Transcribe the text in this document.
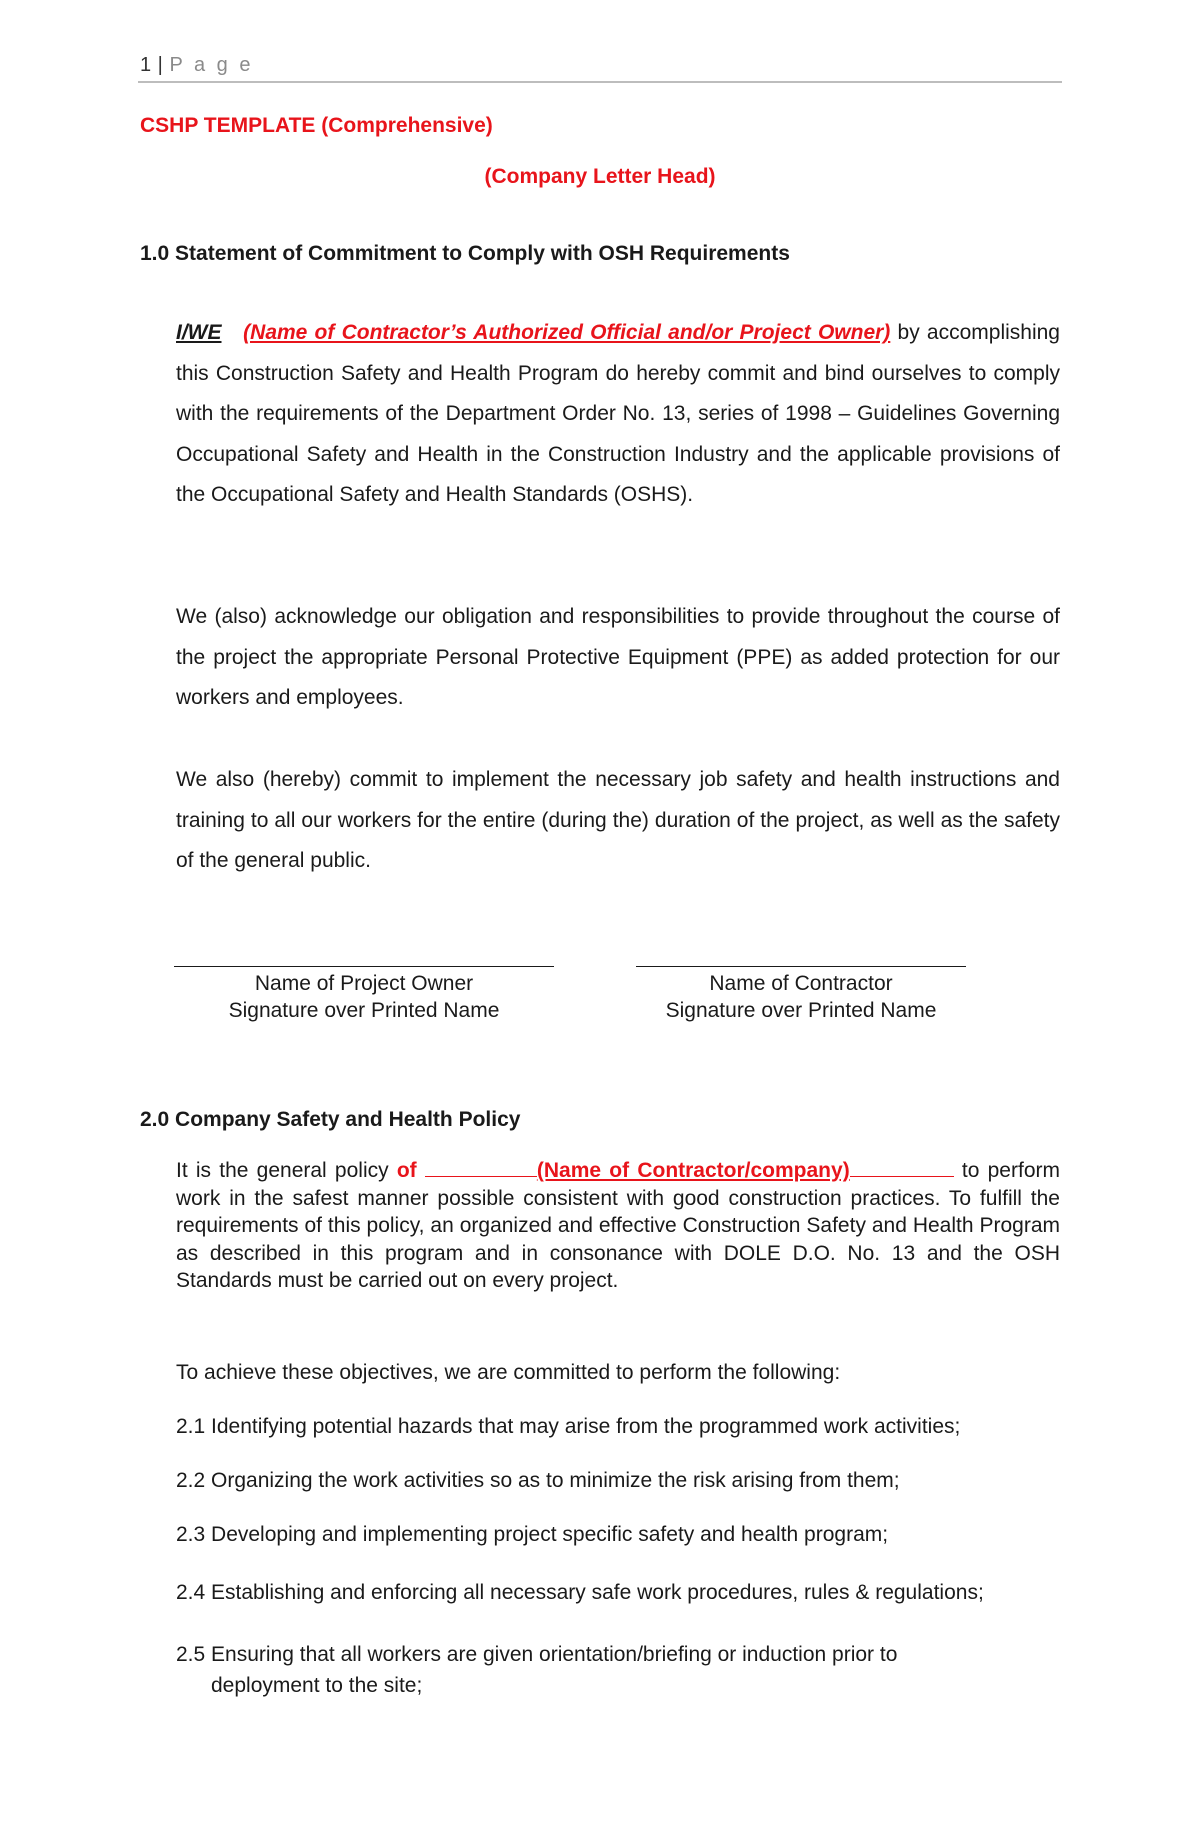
1 | P a g e
CSHP TEMPLATE (Comprehensive)
(Company Letter Head)
1.0 Statement of Commitment to Comply with OSH Requirements

I/WE (Name of Contractor’s Authorized Official and/or Project Owner) by accomplishing this Construction Safety and Health Program do hereby commit and bind ourselves to comply with the requirements of the Department Order No. 13, series of 1998 – Guidelines Governing Occupational Safety and Health in the Construction Industry and the applicable provisions of the Occupational Safety and Health Standards (OSHS).

We (also) acknowledge our obligation and responsibilities to provide throughout the course of the project the appropriate Personal Protective Equipment (PPE) as added protection for our workers and employees.

We also (hereby) commit to implement the necessary job safety and health instructions and training to all our workers for the entire (during the) duration of the project, as well as the safety of the general public.

Name of Project Owner
Signature over Printed Name
Name of Contractor
Signature over Printed Name
2.0 Company Safety and Health Policy

It is the general policy of	(Name of Contractor/company)	to perform work in the safest manner possible consistent with good construction practices. To fulfill the requirements of this policy, an organized and effective Construction Safety and Health Program as described in this program and in consonance with DOLE D.O. No. 13 and the OSH Standards must be carried out on every project.

To achieve these objectives, we are committed to perform the following:

2.1 Identifying potential hazards that may arise from the programmed work activities;

2.2 Organizing the work activities so as to minimize the risk arising from them;

2.3 Developing and implementing project specific safety and health program;

2.4 Establishing and enforcing all necessary safe work procedures, rules & regulations;

2.5 Ensuring that all workers are given orientation/briefing or induction prior to
deployment to the site;
